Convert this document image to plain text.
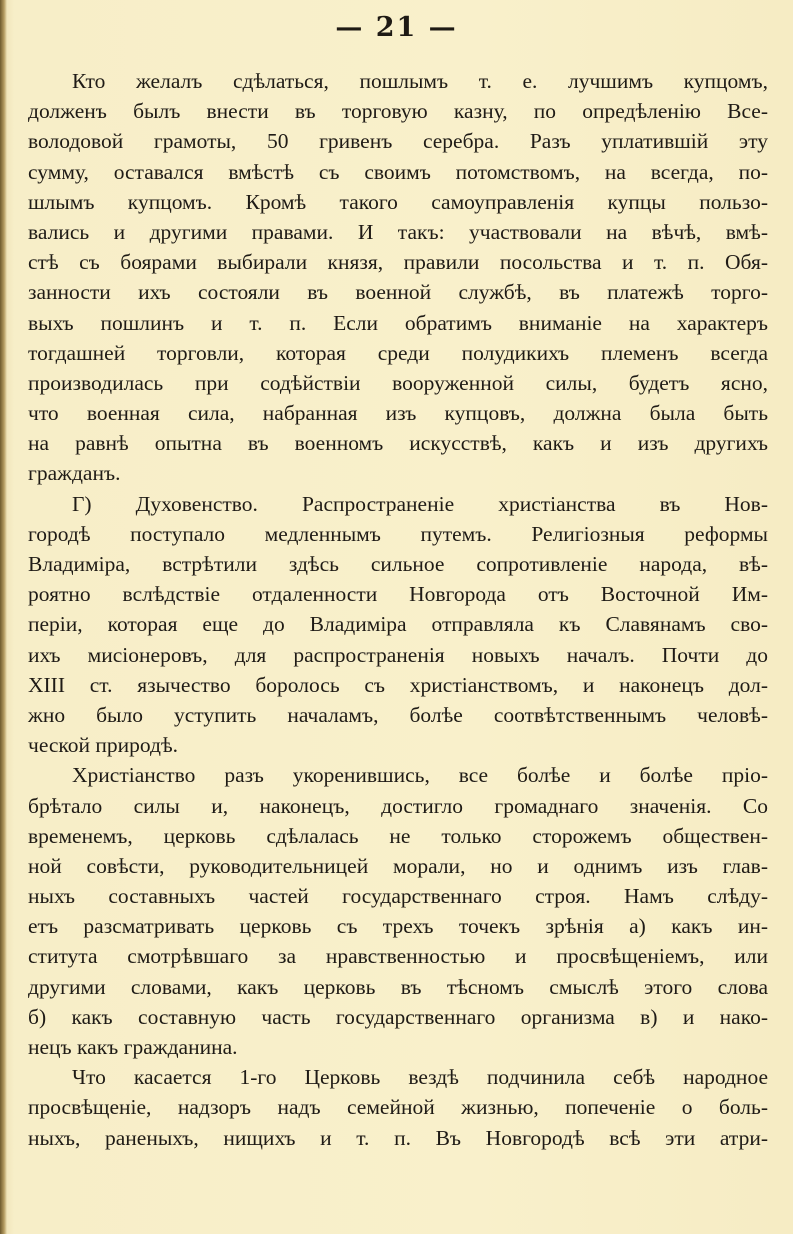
— 21 —
Кто желалъ сдѣлаться, пошлымъ т. е. лучшимъ купцомъ,
долженъ былъ внести въ торговую казну, по опредѣленію Все-
володовой грамоты, 50 гривенъ серебра. Разъ уплатившій эту
сумму, оставался вмѣстѣ съ своимъ потомствомъ, на всегда, по-
шлымъ купцомъ. Кромѣ такого самоуправленія купцы пользо-
вались и другими правами. И такъ: участвовали на вѣчѣ, вмѣ-
стѣ съ боярами выбирали князя, правили посольства и т. п. Обя-
занности ихъ состояли въ военной службѣ, въ платежѣ торго-
выхъ пошлинъ и т. п. Если обратимъ вниманіе на характеръ
тогдашней торговли, которая среди полудикихъ племенъ всегда
производилась при содѣйствіи вооруженной силы, будетъ ясно,
что военная сила, набранная изъ купцовъ, должна была быть
на равнѣ опытна въ военномъ искусствѣ, какъ и изъ другихъ
гражданъ.
Г) Духовенство. Распространеніе христіанства въ Нов-
городѣ поступало медленнымъ путемъ. Религіозныя реформы
Владиміра, встрѣтили здѣсь сильное сопротивленіе народа, вѣ-
роятно вслѣдствіе отдаленности Новгорода отъ Восточной Им-
періи, которая еще до Владиміра отправляла къ Славянамъ сво-
ихъ мисіонеровъ, для распространенія новыхъ началъ. Почти до
XIII ст. язычество боролось съ христіанствомъ, и наконецъ дол-
жно было уступить началамъ, болѣе соотвѣтственнымъ человѣ-
ческой природѣ.
Христіанство разъ укоренившись, все болѣе и болѣе пріо-
брѣтало силы и, наконецъ, достигло громаднаго значенія. Со
временемъ, церковь сдѣлалась не только сторожемъ обществен-
ной совѣсти, руководительницей морали, но и однимъ изъ глав-
ныхъ составныхъ частей государственнаго строя. Намъ слѣду-
етъ разсматривать церковь съ трехъ точекъ зрѣнія а) какъ ин-
ститута смотрѣвшаго за нравственностью и просвѣщеніемъ, или
другими словами, какъ церковь въ тѣсномъ смыслѣ этого слова
б) какъ составную часть государственнаго организма в) и нако-
нецъ какъ гражданина.
Что касается 1-го Церковь вездѣ подчинила себѣ народное
просвѣщеніе, надзоръ надъ семейной жизнью, попеченіе о боль-
ныхъ, раненыхъ, нищихъ и т. п. Въ Новгородѣ всѣ эти атри-
